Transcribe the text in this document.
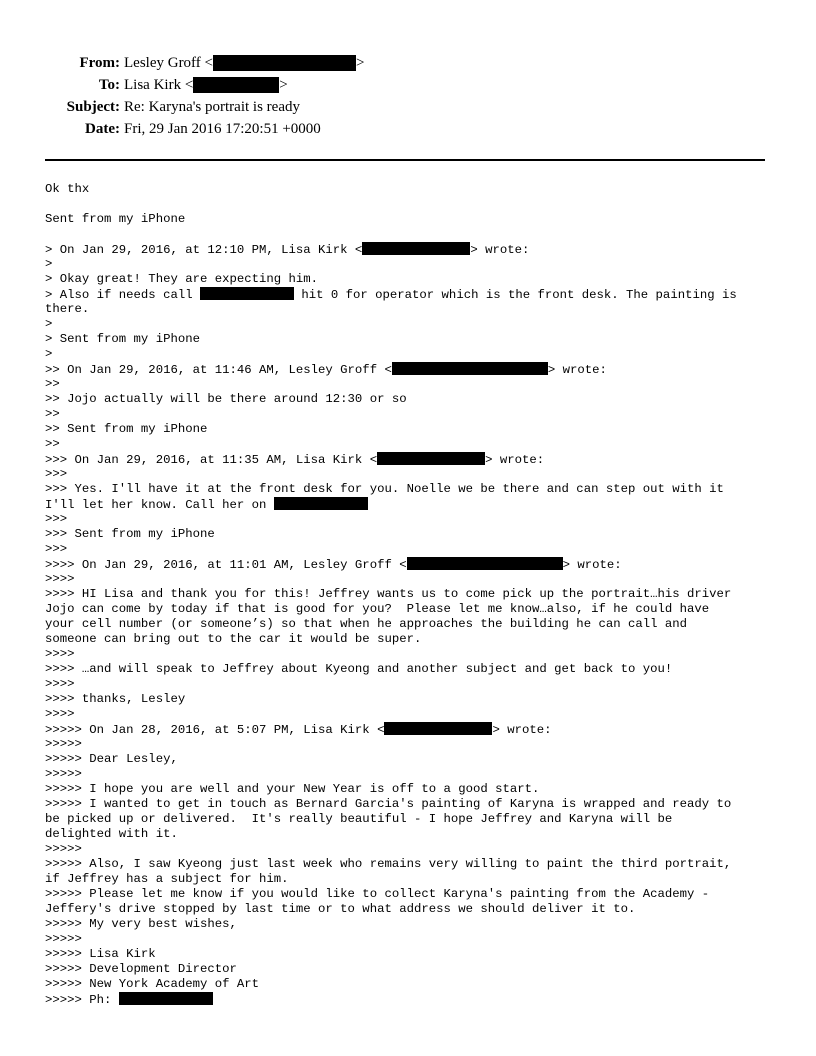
From: Lesley Groff <	>
To: Lisa Kirk <	>
Subject: Re: Karyna's portrait is ready
Date: Fri, 29 Jan 2016 17:20:51 +0000
Ok thx
Sent from my iPhone
> On Jan 29, 2016, at 12:10 PM, Lisa Kirk <	> wrote:
>
> Okay great! They are expecting him.
> Also if needs call	hit 0 for operator which is the front desk. The painting is
there.
>
> Sent from my iPhone
>
>> On Jan 29, 2016, at 11:46 AM, Lesley Groff <	> wrote:
>>
>> Jojo actually will be there around 12:30 or so
>>
>> Sent from my iPhone
>>
>>> On Jan 29, 2016, at 11:35 AM, Lisa Kirk <	> wrote:
>>>
>>> Yes. I'll have it at the front desk for you. Noelle we be there and can step out with it
I'll let her know. Call her on
>>>
>>> Sent from my iPhone
>>>
>>>> On Jan 29, 2016, at 11:01 AM, Lesley Groff <	> wrote:
>>>>
>>>> HI Lisa and thank you for this! Jeffrey wants us to come pick up the portrait…his driver
Jojo can come by today if that is good for you?  Please let me know…also, if he could have
your cell number (or someone’s) so that when he approaches the building he can call and
someone can bring out to the car it would be super.
>>>>
>>>> …and will speak to Jeffrey about Kyeong and another subject and get back to you!
>>>>
>>>> thanks, Lesley
>>>>
>>>>> On Jan 28, 2016, at 5:07 PM, Lisa Kirk <	> wrote:
>>>>>
>>>>> Dear Lesley,
>>>>>
>>>>> I hope you are well and your New Year is off to a good start.
>>>>> I wanted to get in touch as Bernard Garcia's painting of Karyna is wrapped and ready to
be picked up or delivered.  It's really beautiful - I hope Jeffrey and Karyna will be
delighted with it.
>>>>>
>>>>> Also, I saw Kyeong just last week who remains very willing to paint the third portrait,
if Jeffrey has a subject for him.
>>>>> Please let me know if you would like to collect Karyna's painting from the Academy -
Jeffery's drive stopped by last time or to what address we should deliver it to.
>>>>> My very best wishes,
>>>>>
>>>>> Lisa Kirk
>>>>> Development Director
>>>>> New York Academy of Art
>>>>> Ph:
